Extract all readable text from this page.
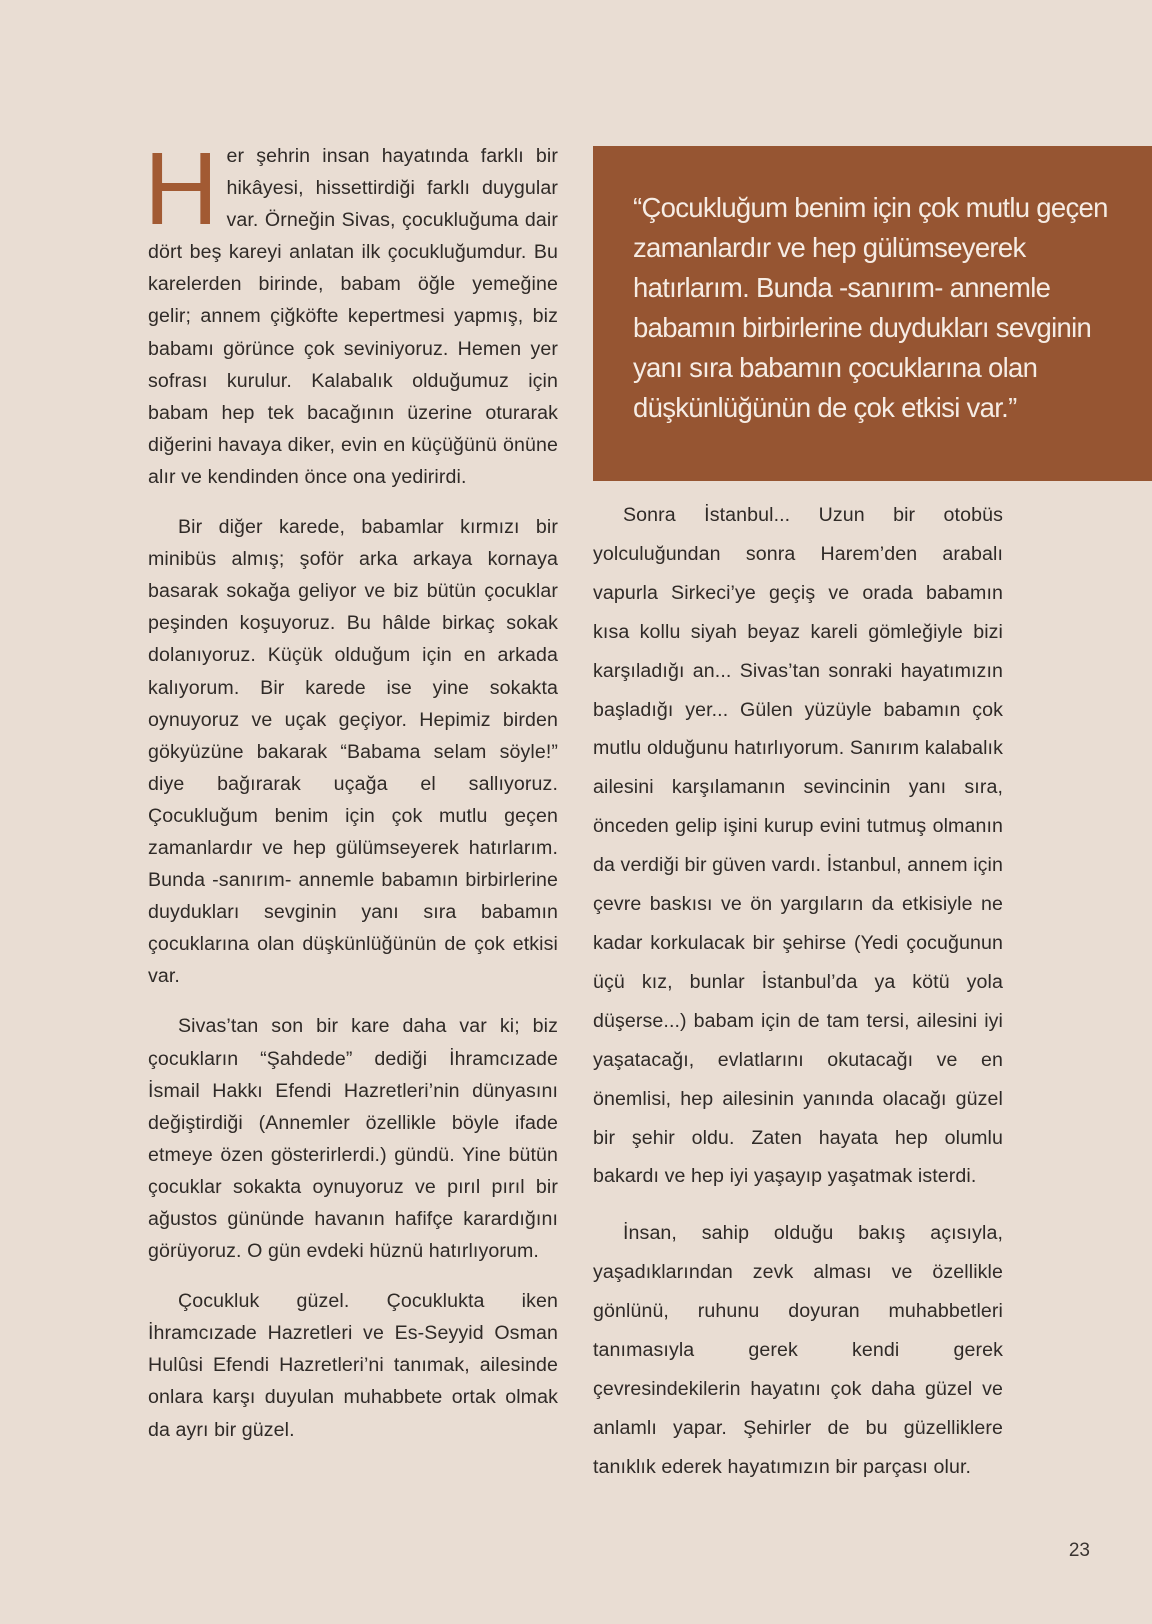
Her şehrin insan hayatında farklı bir hikâyesi, hissettirdiği farklı duygular var. Örneğin Sivas, çocukluğuma dair dört beş kareyi anlatan ilk çocukluğumdur. Bu karelerden birinde, babam öğle yemeğine gelir; annem çiğköfte kepertmesi yapmış, biz babamı görünce çok seviniyoruz. Hemen yer sofrası kurulur. Kalabalık olduğumuz için babam hep tek bacağının üzerine oturarak diğerini havaya diker, evin en küçüğünü önüne alır ve kendinden önce ona yedirirdi.

Bir diğer karede, babamlar kırmızı bir minibüs almış; şoför arka arkaya kornaya basarak sokağa geliyor ve biz bütün çocuklar peşinden koşuyoruz. Bu hâlde birkaç sokak dolanıyoruz. Küçük olduğum için en arkada kalıyorum. Bir karede ise yine sokakta oynuyoruz ve uçak geçiyor. Hepimiz birden gökyüzüne bakarak “Babama selam söyle!” diye bağırarak uçağa el sallıyoruz. Çocukluğum benim için çok mutlu geçen zamanlardır ve hep gülümseyerek hatırlarım. Bunda -sanırım- annemle babamın birbirlerine duydukları sevginin yanı sıra babamın çocuklarına olan düşkünlüğünün de çok etkisi var.

Sivas’tan son bir kare daha var ki; biz çocukların “Şahdede” dediği İhramcızade İsmail Hakkı Efendi Hazretleri’nin dünyasını değiştirdiği (Annemler özellikle böyle ifade etmeye özen gösterirlerdi.) gündü. Yine bütün çocuklar sokakta oynuyoruz ve pırıl pırıl bir ağustos gününde havanın hafifçe karardığını görüyoruz. O gün evdeki hüznü hatırlıyorum.

Çocukluk güzel. Çocuklukta iken İhramcızade Hazretleri ve Es-Seyyid Osman Hulûsi Efendi Hazretleri’ni tanımak, ailesinde onlara karşı duyulan muhabbete ortak olmak da ayrı bir güzel.

“Çocukluğum benim için çok mutlu geçen zamanlardır ve hep gülümseyerek hatırlarım. Bunda -sanırım- annemle babamın birbirlerine duydukları sevginin yanı sıra babamın çocuklarına olan düşkünlüğünün de çok etkisi var.”

Sonra İstanbul... Uzun bir otobüs yolculuğundan sonra Harem’den arabalı vapurla Sirkeci’ye geçiş ve orada babamın kısa kollu siyah beyaz kareli gömleğiyle bizi karşıladığı an... Sivas’tan sonraki hayatımızın başladığı yer... Gülen yüzüyle babamın çok mutlu olduğunu hatırlıyorum. Sanırım kalabalık ailesini karşılamanın sevincinin yanı sıra, önceden gelip işini kurup evini tutmuş olmanın da verdiği bir güven vardı. İstanbul, annem için çevre baskısı ve ön yargıların da etkisiyle ne kadar korkulacak bir şehirse (Yedi çocuğunun üçü kız, bunlar İstanbul’da ya kötü yola düşerse...) babam için de tam tersi, ailesini iyi yaşatacağı, evlatlarını okutacağı ve en önemlisi, hep ailesinin yanında olacağı güzel bir şehir oldu. Zaten hayata hep olumlu bakardı ve hep iyi yaşayıp yaşatmak isterdi.

İnsan, sahip olduğu bakış açısıyla, yaşadıklarından zevk alması ve özellikle gönlünü, ruhunu doyuran muhabbetleri tanımasıyla gerek kendi gerek çevresindekilerin hayatını çok daha güzel ve anlamlı yapar. Şehirler de bu güzelliklere tanıklık ederek hayatımızın bir parçası olur.

23
